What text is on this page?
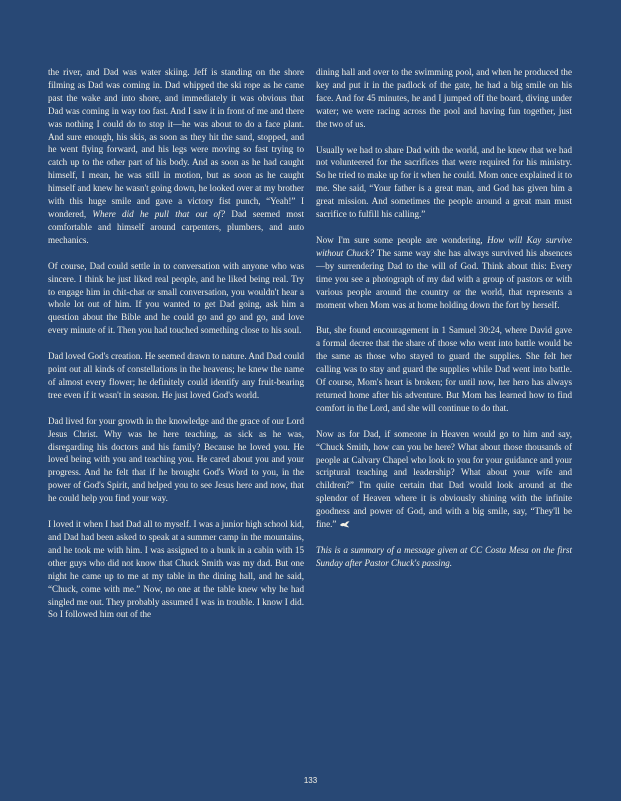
the river, and Dad was water skiing. Jeff is standing on the shore filming as Dad was coming in. Dad whipped the ski rope as he came past the wake and into shore, and immediately it was obvious that Dad was coming in way too fast. And I saw it in front of me and there was nothing I could do to stop it—he was about to do a face plant. And sure enough, his skis, as soon as they hit the sand, stopped, and he went flying forward, and his legs were moving so fast trying to catch up to the other part of his body. And as soon as he had caught himself, I mean, he was still in motion, but as soon as he caught himself and knew he wasn't going down, he looked over at my brother with this huge smile and gave a victory fist punch, “Yeah!” I wondered, Where did he pull that out of? Dad seemed most comfortable and himself around carpenters, plumbers, and auto mechanics.

Of course, Dad could settle in to conversation with anyone who was sincere. I think he just liked real people, and he liked being real. Try to engage him in chit-chat or small conversation, you wouldn't hear a whole lot out of him. If you wanted to get Dad going, ask him a question about the Bible and he could go and go and go, and love every minute of it. Then you had touched something close to his soul.

Dad loved God's creation. He seemed drawn to nature. And Dad could point out all kinds of constellations in the heavens; he knew the name of almost every flower; he definitely could identify any fruit-bearing tree even if it wasn't in season. He just loved God's world.

Dad lived for your growth in the knowledge and the grace of our Lord Jesus Christ. Why was he here teaching, as sick as he was, disregarding his doctors and his family? Because he loved you. He loved being with you and teaching you. He cared about you and your progress. And he felt that if he brought God's Word to you, in the power of God's Spirit, and helped you to see Jesus here and now, that he could help you find your way.

I loved it when I had Dad all to myself. I was a junior high school kid, and Dad had been asked to speak at a summer camp in the mountains, and he took me with him. I was assigned to a bunk in a cabin with 15 other guys who did not know that Chuck Smith was my dad. But one night he came up to me at my table in the dining hall, and he said, “Chuck, come with me.” Now, no one at the table knew why he had singled me out. They probably assumed I was in trouble. I know I did. So I followed him out of the

dining hall and over to the swimming pool, and when he produced the key and put it in the padlock of the gate, he had a big smile on his face. And for 45 minutes, he and I jumped off the board, diving under water; we were racing across the pool and having fun together, just the two of us.

Usually we had to share Dad with the world, and he knew that we had not volunteered for the sacrifices that were required for his ministry. So he tried to make up for it when he could. Mom once explained it to me. She said, “Your father is a great man, and God has given him a great mission. And sometimes the people around a great man must sacrifice to fulfill his calling.”

Now I'm sure some people are wondering, How will Kay survive without Chuck? The same way she has always survived his absences—by surrendering Dad to the will of God. Think about this: Every time you see a photograph of my dad with a group of pastors or with various people around the country or the world, that represents a moment when Mom was at home holding down the fort by herself.

But, she found encouragement in 1 Samuel 30:24, where David gave a formal decree that the share of those who went into battle would be the same as those who stayed to guard the supplies. She felt her calling was to stay and guard the supplies while Dad went into battle. Of course, Mom's heart is broken; for until now, her hero has always returned home after his adventure. But Mom has learned how to find comfort in the Lord, and she will continue to do that.

Now as for Dad, if someone in Heaven would go to him and say, “Chuck Smith, how can you be here? What about those thousands of people at Calvary Chapel who look to you for your guidance and your scriptural teaching and leadership? What about your wife and children?” I'm quite certain that Dad would look around at the splendor of Heaven where it is obviously shining with the infinite goodness and power of God, and with a big smile, say, “They'll be fine.”

This is a summary of a message given at CC Costa Mesa on the first Sunday after Pastor Chuck's passing.

133
